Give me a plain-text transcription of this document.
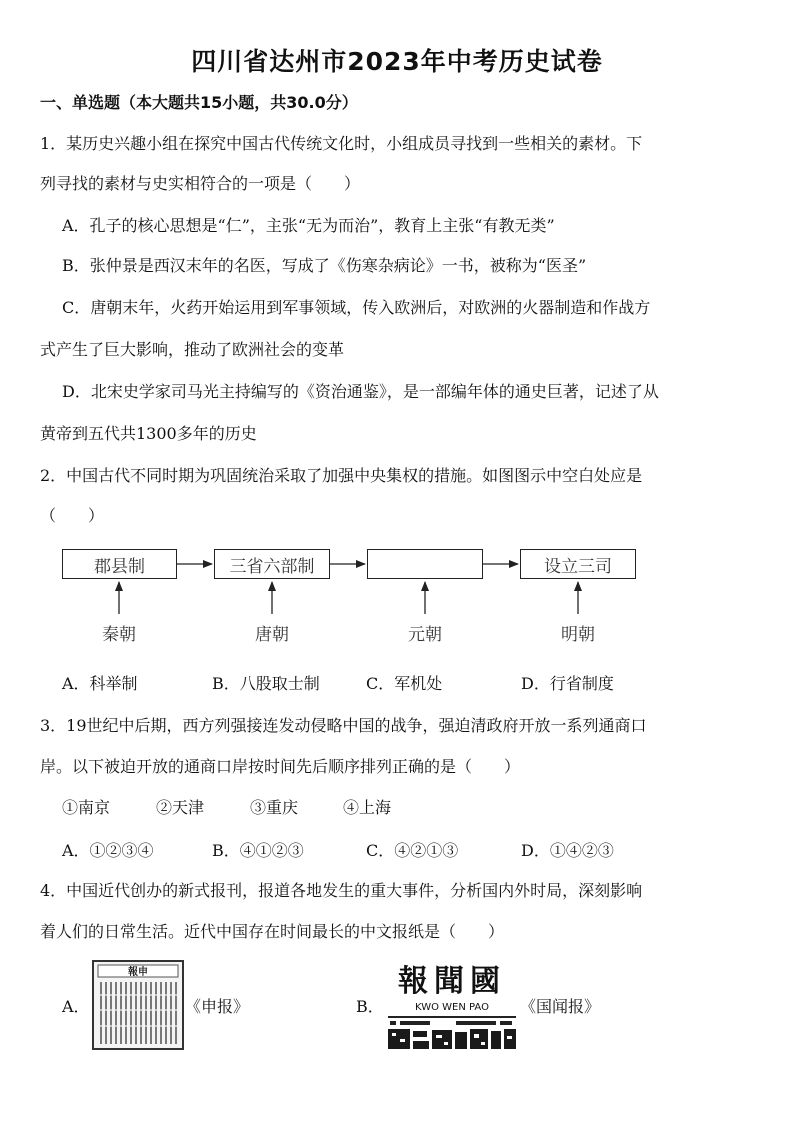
四川省达州市2023年中考历史试卷
一、单选题（本大题共15小题，共30.0分）
1．某历史兴趣小组在探究中国古代传统文化时，小组成员寻找到一些相关的素材。下
列寻找的素材与史实相符合的一项是（　　）
A．孔子的核心思想是“仁”，主张“无为而治”，教育上主张“有教无类”
B．张仲景是西汉末年的名医，写成了《伤寒杂病论》一书，被称为“医圣”
C．唐朝末年，火药开始运用到军事领域，传入欧洲后，对欧洲的火器制造和作战方
式产生了巨大影响，推动了欧洲社会的变革
D．北宋史学家司马光主持编写的《资治通鉴》，是一部编年体的通史巨著，记述了从
黄帝到五代共1300多年的历史
2．中国古代不同时期为巩固统治采取了加强中央集权的措施。如图图示中空白处应是
（　　）
郡县制	三省六部制	设立三司
秦朝	唐朝	元朝	明朝
A．科举制	B．八股取士制	C．军机处	D．行省制度
3．19世纪中后期，西方列强接连发动侵略中国的战争，强迫清政府开放一系列通商口
岸。以下被迫开放的通商口岸按时间先后顺序排列正确的是（　　）
①南京	②天津	③重庆	④上海
A．①②③④	B．④①②③	C．④②①③	D．①④②③
4．中国近代创办的新式报刊，报道各地发生的重大事件，分析国内外时局，深刻影响
着人们的日常生活。近代中国存在时间最长的中文报纸是（　　）
A．
報申
《申报》	B．
報聞國
KWO WEN PAO 《国闻报》
